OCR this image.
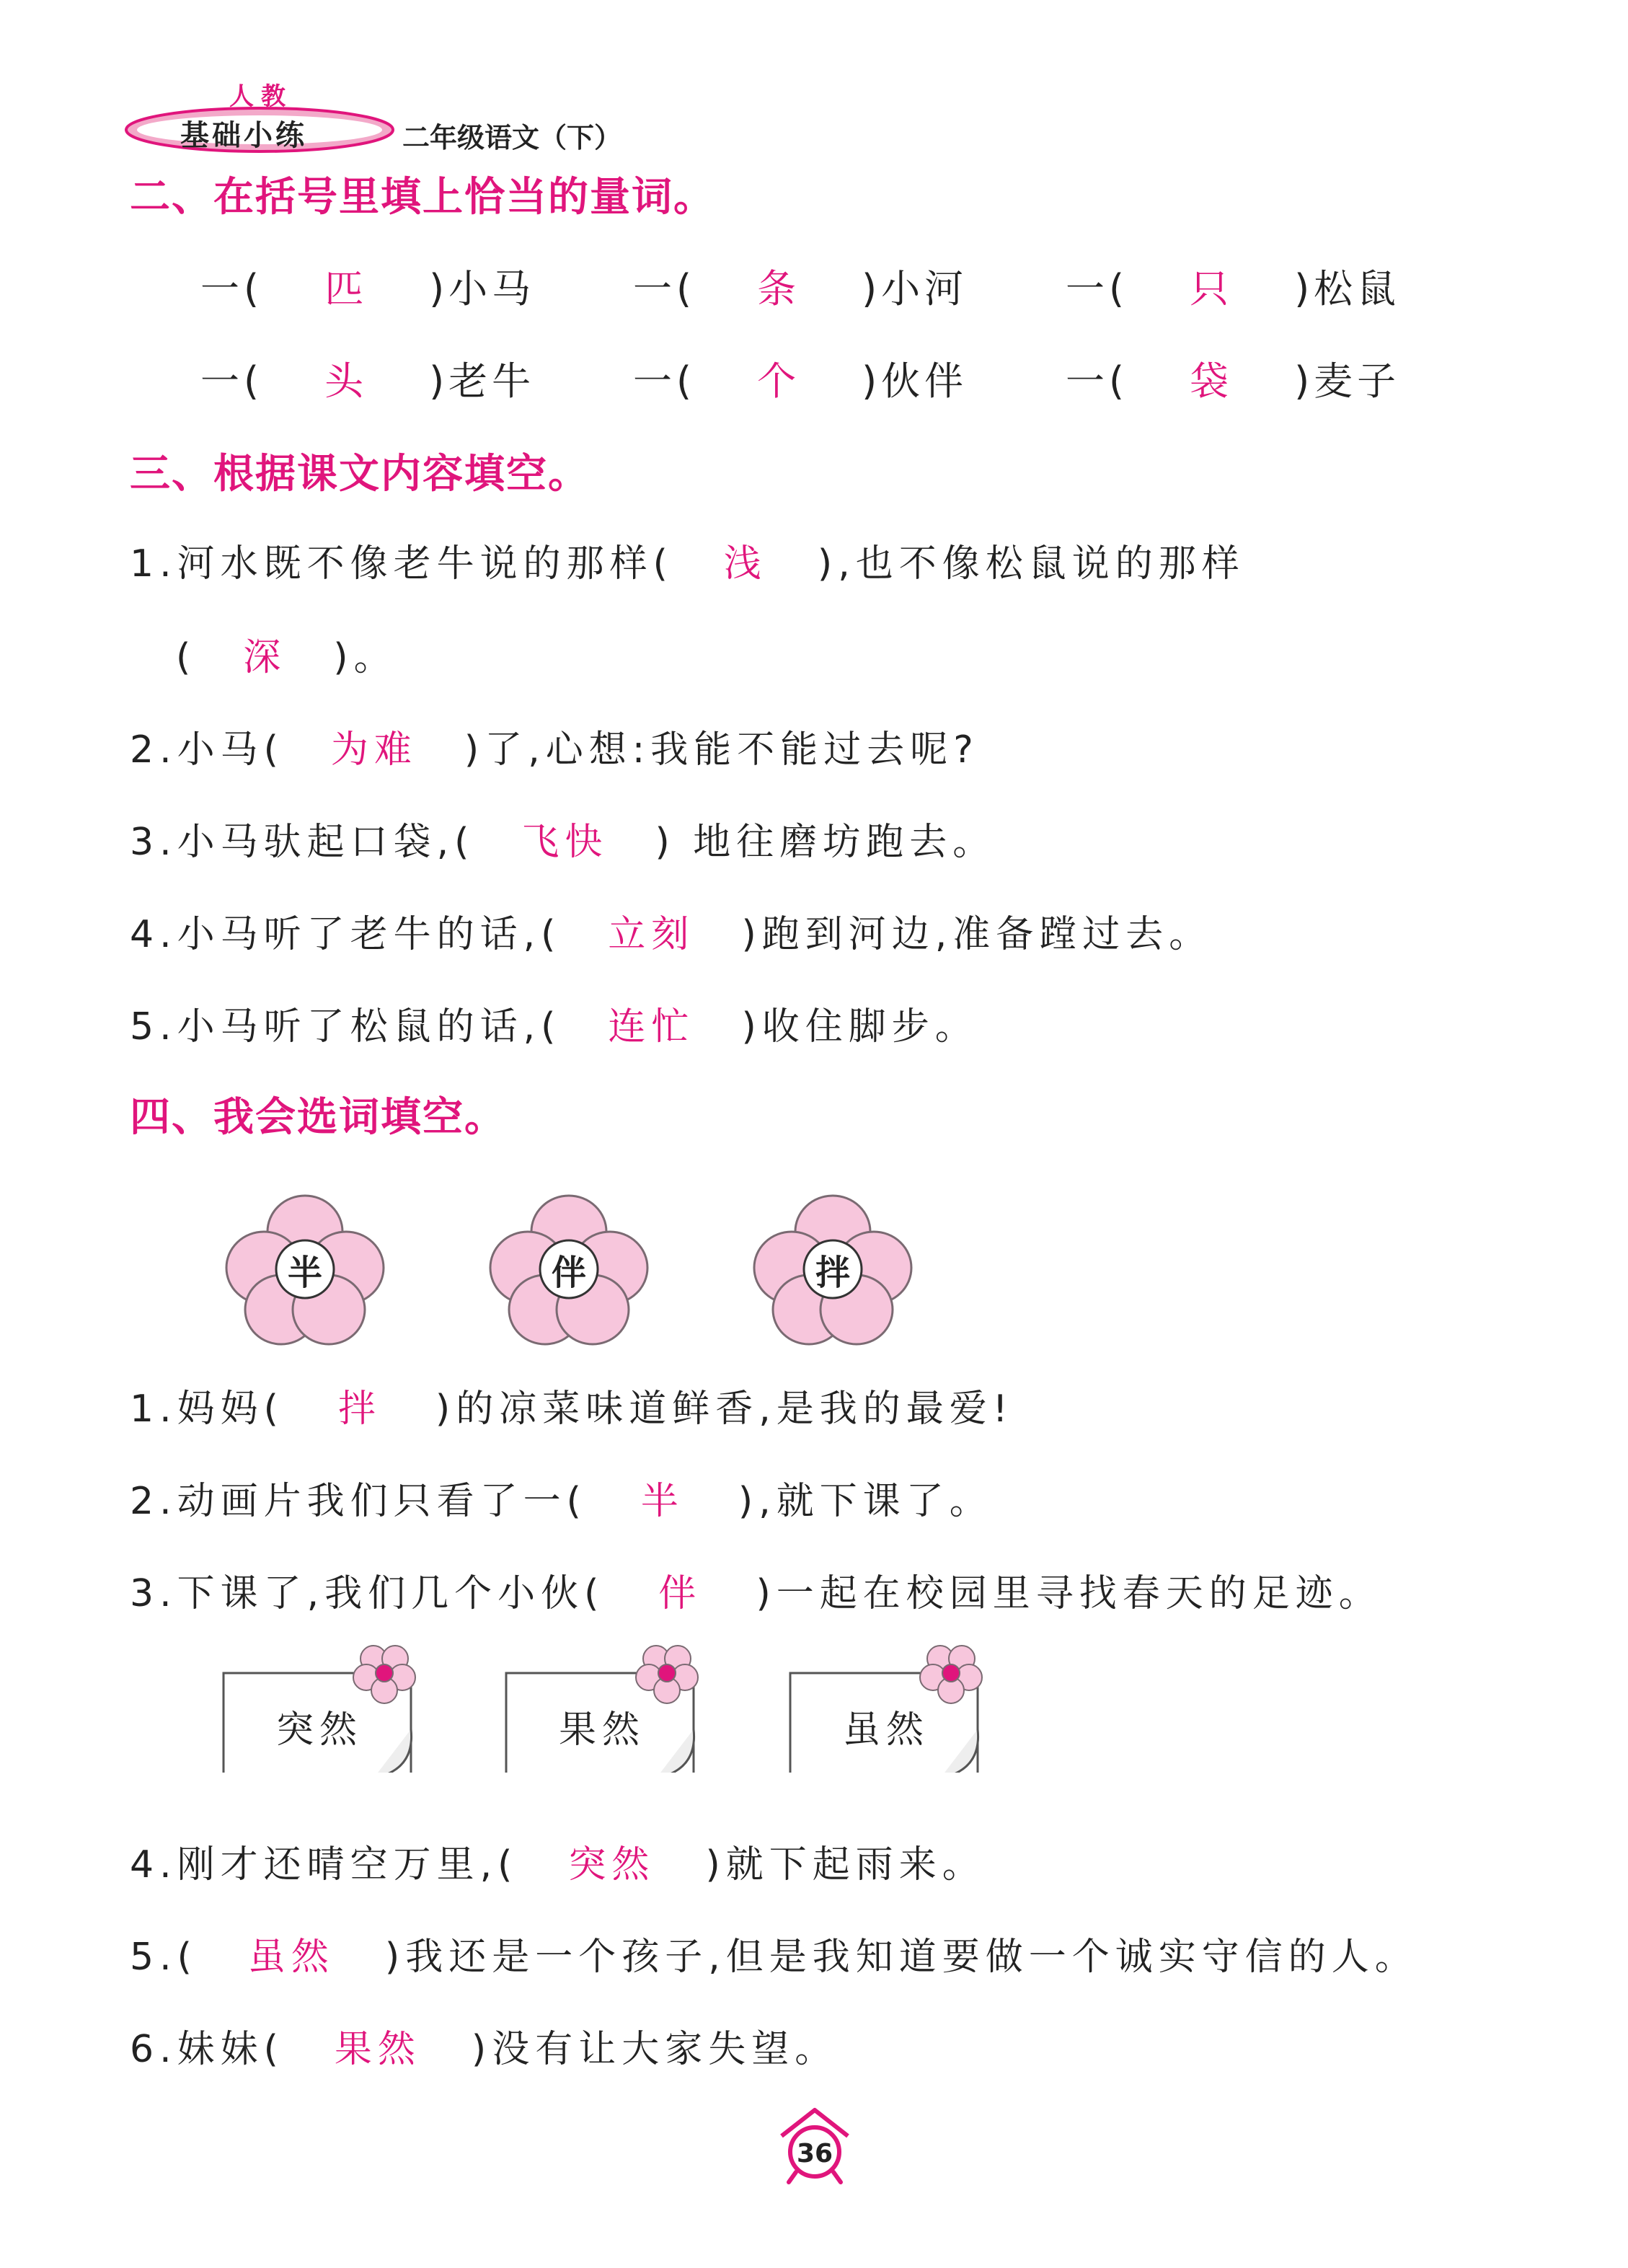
人教
基础小练	二年级语文（下）
二、在括号里填上恰当的量词。
一( 匹 )小马	一( 条 )小河	一( 只 )松鼠
一( 头 )老牛	一( 个 )伙伴	一( 袋 )麦子
三、根据课文内容填空。
1.河水既不像老牛说的那样( 浅 ),也不像松鼠说的那样
( 深 )。
2.小马( 为难 )了,心想:我能不能过去呢?
3.小马驮起口袋,( 飞快 ) 地往磨坊跑去。
4.小马听了老牛的话,( 立刻 )跑到河边,准备蹚过去。
5.小马听了松鼠的话,( 连忙 )收住脚步。
四、我会选词填空。
半	伴	拌
1.妈妈( 拌 )的凉菜味道鲜香,是我的最爱!
2.动画片我们只看了一( 半 ),就下课了。
3.下课了,我们几个小伙( 伴 )一起在校园里寻找春天的足迹。
突然	果然	虽然
4.刚才还晴空万里,( 突然 )就下起雨来。
5.( 虽然 )我还是一个孩子,但是我知道要做一个诚实守信的人。
6.妹妹( 果然 )没有让大家失望。
36
